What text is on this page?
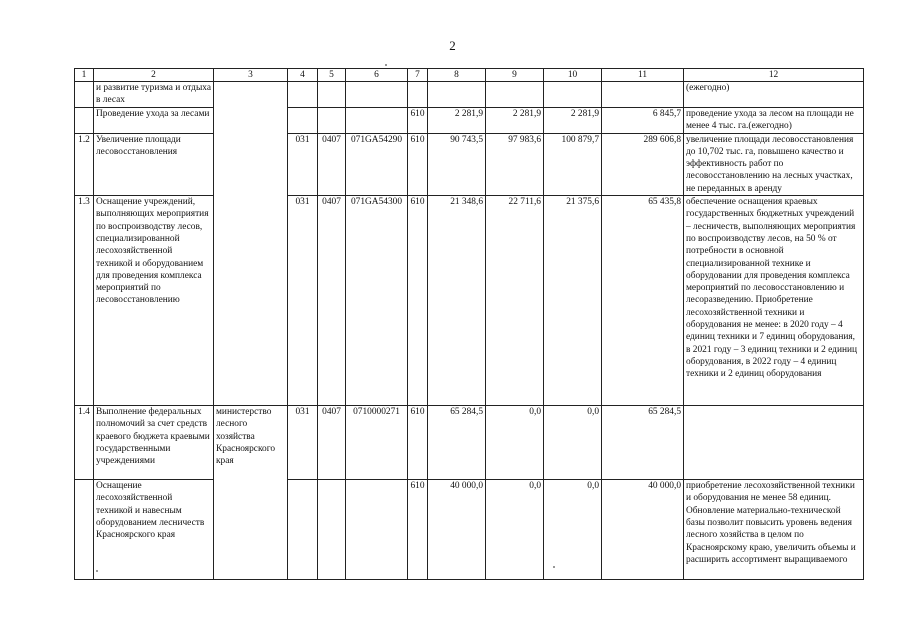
2
1	2	3	4	5	6	7	8	9	10	11	12
	и развитие туризма и отдыха в лесах										(ежегодно)
	Проведение ухода за лесами					610	2 281,9	2 281,9	2 281,9	6 845,7	проведение ухода за лесом на площади не менее 4 тыс. га.(ежегодно)
1.2	Увеличение площади лесовосстановления		031	0407	071GA54290	610	90 743,5	97 983,6	100 879,7	289 606,8	увеличение площади лесовосстановления до 10,702 тыс. га, повышено качество и эффективность работ по лесовосстановлению на лесных участках, не переданных в аренду
1.3	Оснащение учреждений, выполняющих мероприятия по воспроизводству лесов, специализированной лесохозяйственной техникой и оборудованием для проведения комплекса мероприятий по лесовосстановлению		031	0407	071GA54300	610	21 348,6	22 711,6	21 375,6	65 435,8	обеспечение оснащения краевых государственных бюджетных учреждений – лесничеств, выполняющих мероприятия по воспроизводству лесов, на 50 % от потребности в основной специализированной технике и оборудовании для проведения комплекса мероприятий по лесовосстановлению и лесоразведению. Приобретение лесохозяйственной техники и оборудования не менее: в 2020 году – 4 единиц техники и 7 единиц оборудования, в 2021 году – 3 единиц техники и 2 единиц оборудования, в 2022 году – 4 единиц техники и 2 единиц оборудования
1.4	Выполнение федеральных полномочий за счет средств краевого бюджета краевыми государственными учреждениями	министерство лесного хозяйства Красноярского края	031	0407	0710000271	610	65 284,5	0,0	0,0	65 284,5	
	Оснащение лесохозяйственной техникой и навесным оборудованием лесничеств Красноярского края					610	40 000,0	0,0	0,0	40 000,0	приобретение лесохозяйственной техники и оборудования не менее 58 единиц. Обновление материально-технической базы позволит повысить уровень ведения лесного хозяйства в целом по Красноярскому краю, увеличить объемы и расширить ассортимент выращиваемого
